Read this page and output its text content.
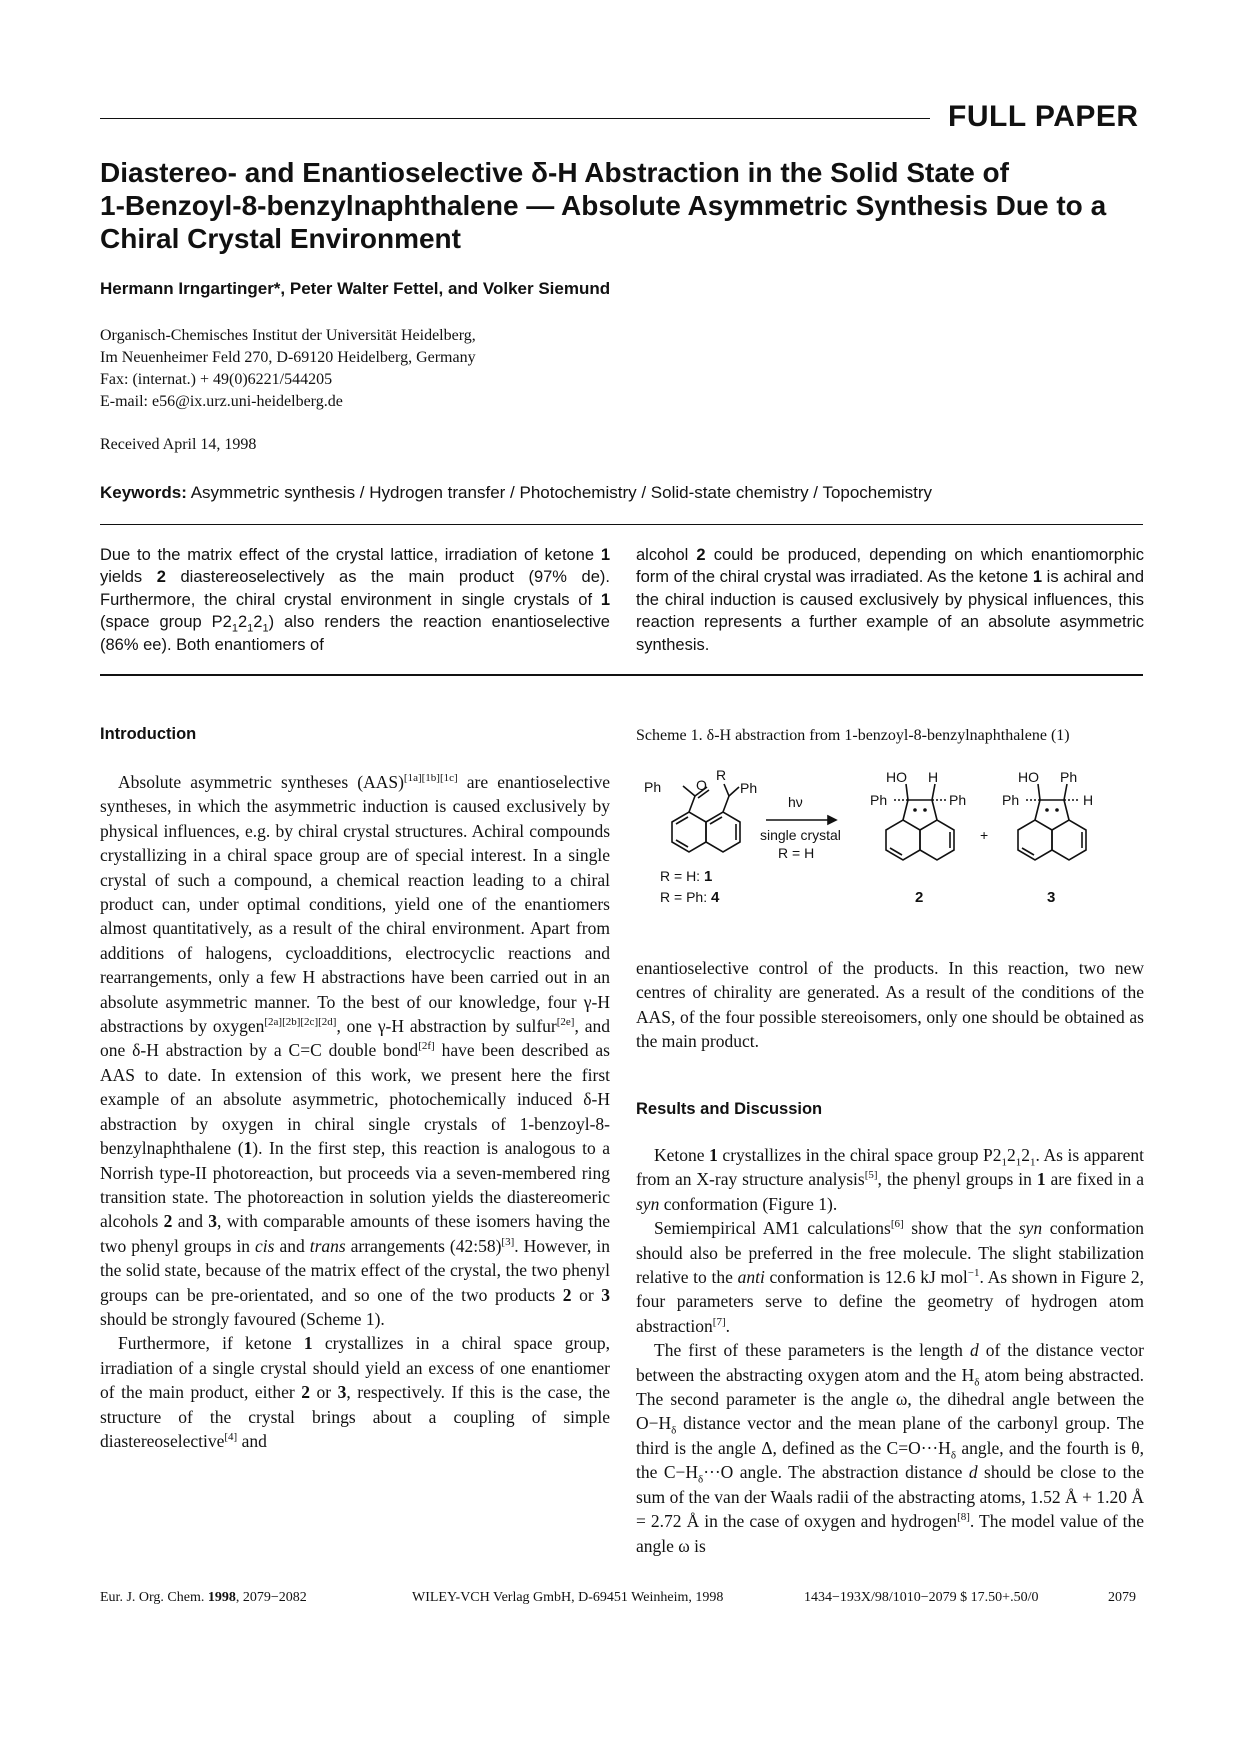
FULL PAPER
Diastereo- and Enantioselective δ-H Abstraction in the Solid State of
1-Benzoyl-8-benzylnaphthalene — Absolute Asymmetric Synthesis Due to a
Chiral Crystal Environment
Hermann Irngartinger*, Peter Walter Fettel, and Volker Siemund
Organisch-Chemisches Institut der Universität Heidelberg,
Im Neuenheimer Feld 270, D-69120 Heidelberg, Germany
Fax: (internat.) + 49(0)6221/544205
E-mail: e56@ix.urz.uni-heidelberg.de
Received April 14, 1998
Keywords: Asymmetric synthesis / Hydrogen transfer / Photochemistry / Solid-state chemistry / Topochemistry

Due to the matrix effect of the crystal lattice, irradiation of ketone 1 yields 2 diastereoselectively as the main product (97% de). Furthermore, the chiral crystal environment in single crystals of 1 (space group $P2_12_12_1$) also renders the reaction enantioselective (86% ee). Both enantiomers of

alcohol 2 could be produced, depending on which enantiomorphic form of the chiral crystal was irradiated. As the ketone 1 is achiral and the chiral induction is caused exclusively by physical influences, this reaction represents a further example of an absolute asymmetric synthesis.

Introduction

Absolute asymmetric syntheses (AAS)[1a][1b][1c] are enantioselective syntheses, in which the asymmetric induction is caused exclusively by physical influences, e.g. by chiral crystal structures. Achiral compounds crystallizing in a chiral space group are of special interest. In a single crystal of such a compound, a chemical reaction leading to a chiral product can, under optimal conditions, yield one of the enantiomers almost quantitatively, as a result of the chiral environment. Apart from additions of halogens, cycloadditions, electrocyclic reactions and rearrangements, only a few H abstractions have been carried out in an absolute asymmetric manner. To the best of our knowledge, four γ-H abstractions by oxygen[2a][2b][2c][2d], one γ-H abstraction by sulfur[2e], and one δ-H abstraction by a C=C double bond[2f] have been described as AAS to date. In extension of this work, we present here the first example of an absolute asymmetric, photochemically induced δ-H abstraction by oxygen in chiral single crystals of 1-benzoyl-8-benzylnaphthalene (1). In the first step, this reaction is analogous to a Norrish type-II photoreaction, but proceeds via a seven-membered ring transition state. The photoreaction in solution yields the diastereomeric alcohols 2 and 3, with comparable amounts of these isomers having the two phenyl groups in cis and trans arrangements (42:58)[3]. However, in the solid state, because of the matrix effect of the crystal, the two phenyl groups can be pre-orientated, and so one of the two products 2 or 3 should be strongly favoured (Scheme 1).

Furthermore, if ketone 1 crystallizes in a chiral space group, irradiation of a single crystal should yield an excess of one enantiomer of the main product, either 2 or 3, respectively. If this is the case, the structure of the crystal brings about a coupling of simple diastereoselective[4] and

Scheme 1. δ-H abstraction from 1-benzoyl-8-benzylnaphthalene (1)
Ph O
R
Ph
R = H: 1
R = Ph: 4
hν
single crystal
R = H
HO H
Ph	Ph
2
+
HO Ph
Ph	H
3

enantioselective control of the products. In this reaction, two new centres of chirality are generated. As a result of the conditions of the AAS, of the four possible stereoisomers, only one should be obtained as the main product.

Results and Discussion

Ketone 1 crystallizes in the chiral space group $P2_12_12_1$. As is apparent from an X-ray structure analysis[5], the phenyl groups in 1 are fixed in a syn conformation (Figure 1).

Semiempirical AM1 calculations[6] show that the syn conformation should also be preferred in the free molecule. The slight stabilization relative to the anti conformation is 12.6 kJ mol$^{-1}$. As shown in Figure 2, four parameters serve to define the geometry of hydrogen atom abstraction[7].

The first of these parameters is the length d of the distance vector between the abstracting oxygen atom and the $H_\delta$ atom being abstracted. The second parameter is the angle ω, the dihedral angle between the $O-H_\delta$ distance vector and the mean plane of the carbonyl group. The third is the angle Δ, defined as the $C=O\cdot\cdot\cdot H_\delta$ angle, and the fourth is θ, the $C-H_\delta\cdot\cdot\cdot O$ angle. The abstraction distance d should be close to the sum of the van der Waals radii of the abstracting atoms, 1.52 Å + 1.20 Å = 2.72 Å in the case of oxygen and hydrogen[8]. The model value of the angle ω is

Eur. J. Org. Chem. 1998, 2079−2082	WILEY-VCH Verlag GmbH, D-69451 Weinheim, 1998	1434−193X/98/1010−2079 $ 17.50+.50/0	2079
